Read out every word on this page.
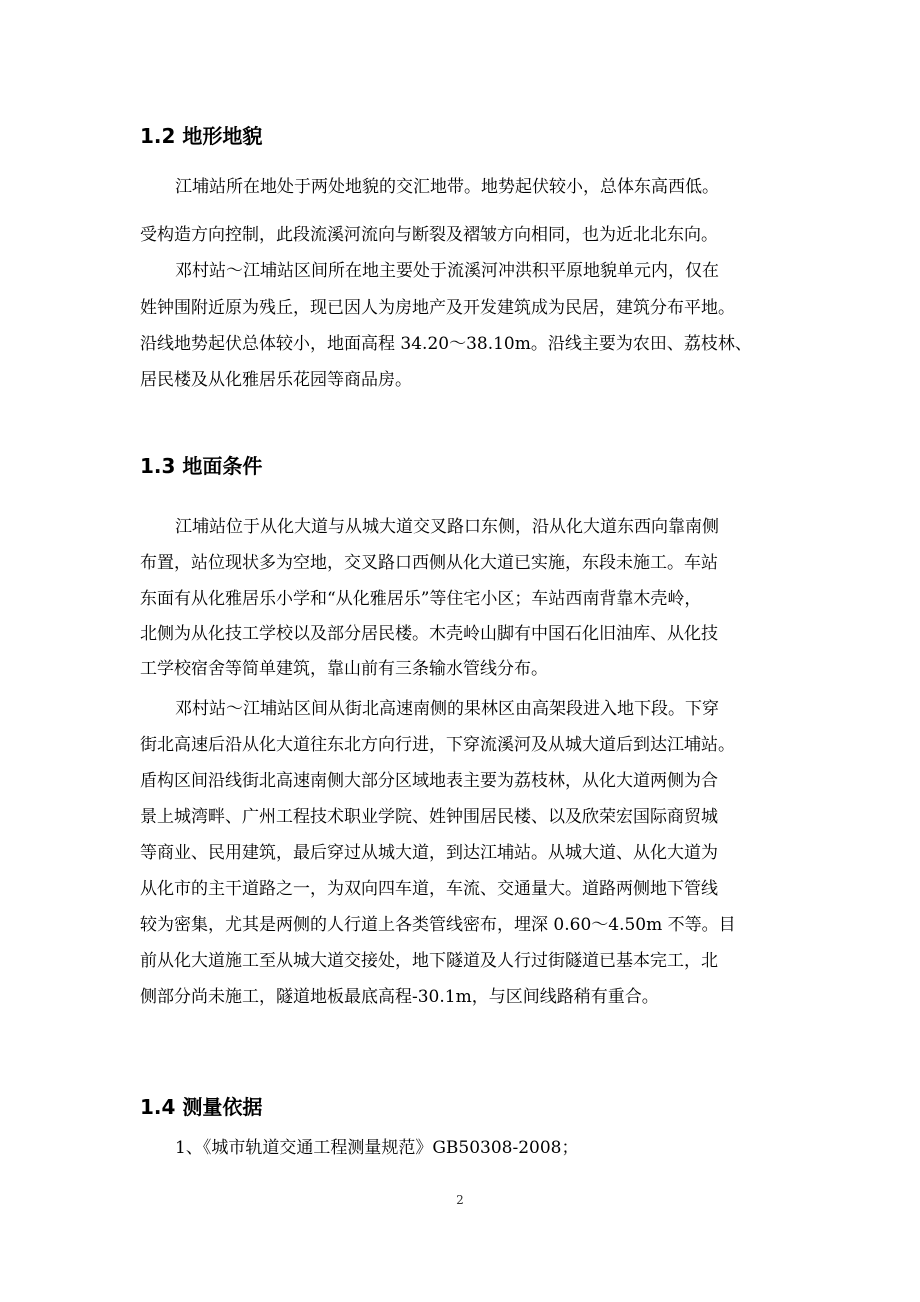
1.2 地形地貌
江埔站所在地处于两处地貌的交汇地带。地势起伏较小，总体东高西低。
受构造方向控制，此段流溪河流向与断裂及褶皱方向相同，也为近北北东向。
邓村站～江埔站区间所在地主要处于流溪河冲洪积平原地貌单元内，仅在
姓钟围附近原为残丘，现已因人为房地产及开发建筑成为民居，建筑分布平地。
沿线地势起伏总体较小，地面高程 34.20～38.10m。沿线主要为农田、荔枝林、
居民楼及从化雅居乐花园等商品房。
1.3 地面条件
江埔站位于从化大道与从城大道交叉路口东侧，沿从化大道东西向靠南侧
布置，站位现状多为空地，交叉路口西侧从化大道已实施，东段未施工。车站
东面有从化雅居乐小学和“从化雅居乐”等住宅小区；车站西南背靠木壳岭，
北侧为从化技工学校以及部分居民楼。木壳岭山脚有中国石化旧油库、从化技
工学校宿舍等简单建筑，靠山前有三条输水管线分布。
邓村站～江埔站区间从街北高速南侧的果林区由高架段进入地下段。下穿
街北高速后沿从化大道往东北方向行进，下穿流溪河及从城大道后到达江埔站。
盾构区间沿线街北高速南侧大部分区域地表主要为荔枝林，从化大道两侧为合
景上城湾畔、广州工程技术职业学院、姓钟围居民楼、以及欣荣宏国际商贸城
等商业、民用建筑，最后穿过从城大道，到达江埔站。从城大道、从化大道为
从化市的主干道路之一，为双向四车道，车流、交通量大。道路两侧地下管线
较为密集，尤其是两侧的人行道上各类管线密布，埋深 0.60～4.50m 不等。目
前从化大道施工至从城大道交接处，地下隧道及人行过街隧道已基本完工，北
侧部分尚未施工，隧道地板最底高程-30.1m，与区间线路稍有重合。
1.4 测量依据
1、《城市轨道交通工程测量规范》GB50308-2008；
2
